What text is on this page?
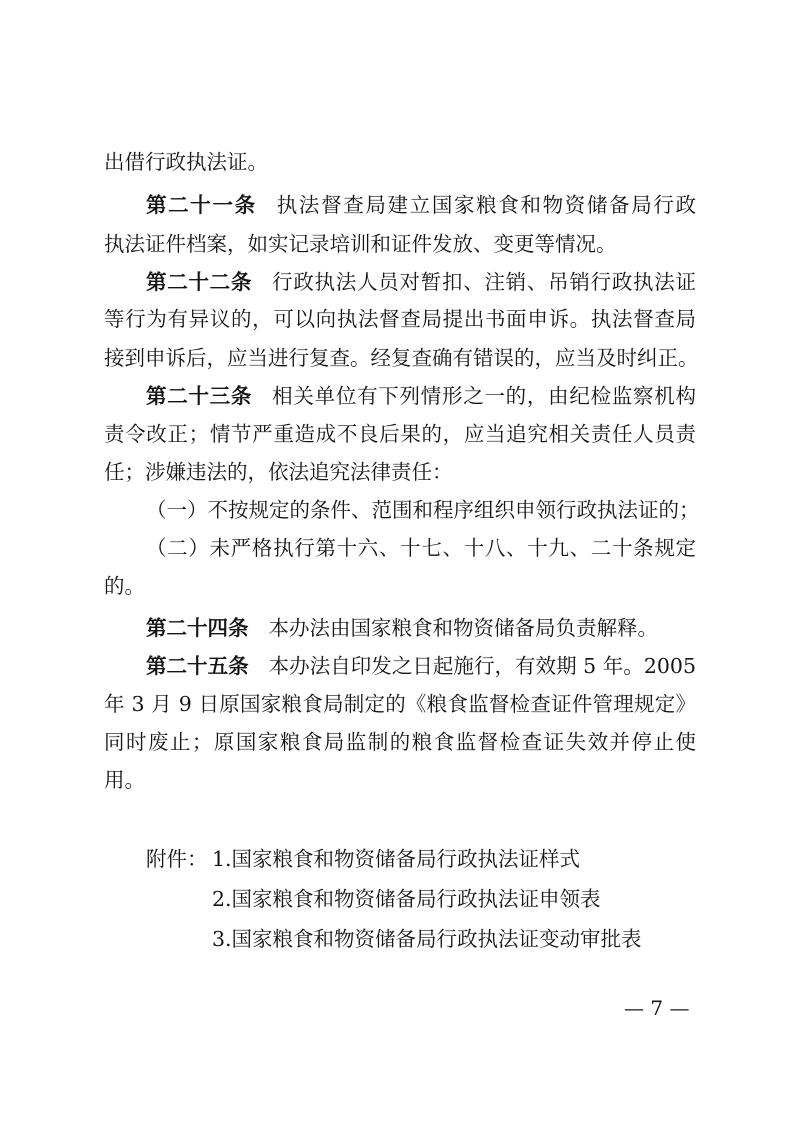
出借行政执法证。
第二十一条 执法督查局建立国家粮食和物资储备局行政
执法证件档案，如实记录培训和证件发放、变更等情况。
第二十二条 行政执法人员对暂扣、注销、吊销行政执法证
等行为有异议的，可以向执法督查局提出书面申诉。执法督查局
接到申诉后，应当进行复查。经复查确有错误的，应当及时纠正。
第二十三条 相关单位有下列情形之一的，由纪检监察机构
责令改正；情节严重造成不良后果的，应当追究相关责任人员责
任；涉嫌违法的，依法追究法律责任：
（一）不按规定的条件、范围和程序组织申领行政执法证的；
（二）未严格执行第十六、十七、十八、十九、二十条规定
的。
第二十四条 本办法由国家粮食和物资储备局负责解释。
第二十五条 本办法自印发之日起施行，有效期 5 年。2005
年 3 月 9 日原国家粮食局制定的《粮食监督检查证件管理规定》
同时废止；原国家粮食局监制的粮食监督检查证失效并停止使
用。
附件： 1.国家粮食和物资储备局行政执法证样式
2.国家粮食和物资储备局行政执法证申领表
3.国家粮食和物资储备局行政执法证变动审批表
— 7 —
